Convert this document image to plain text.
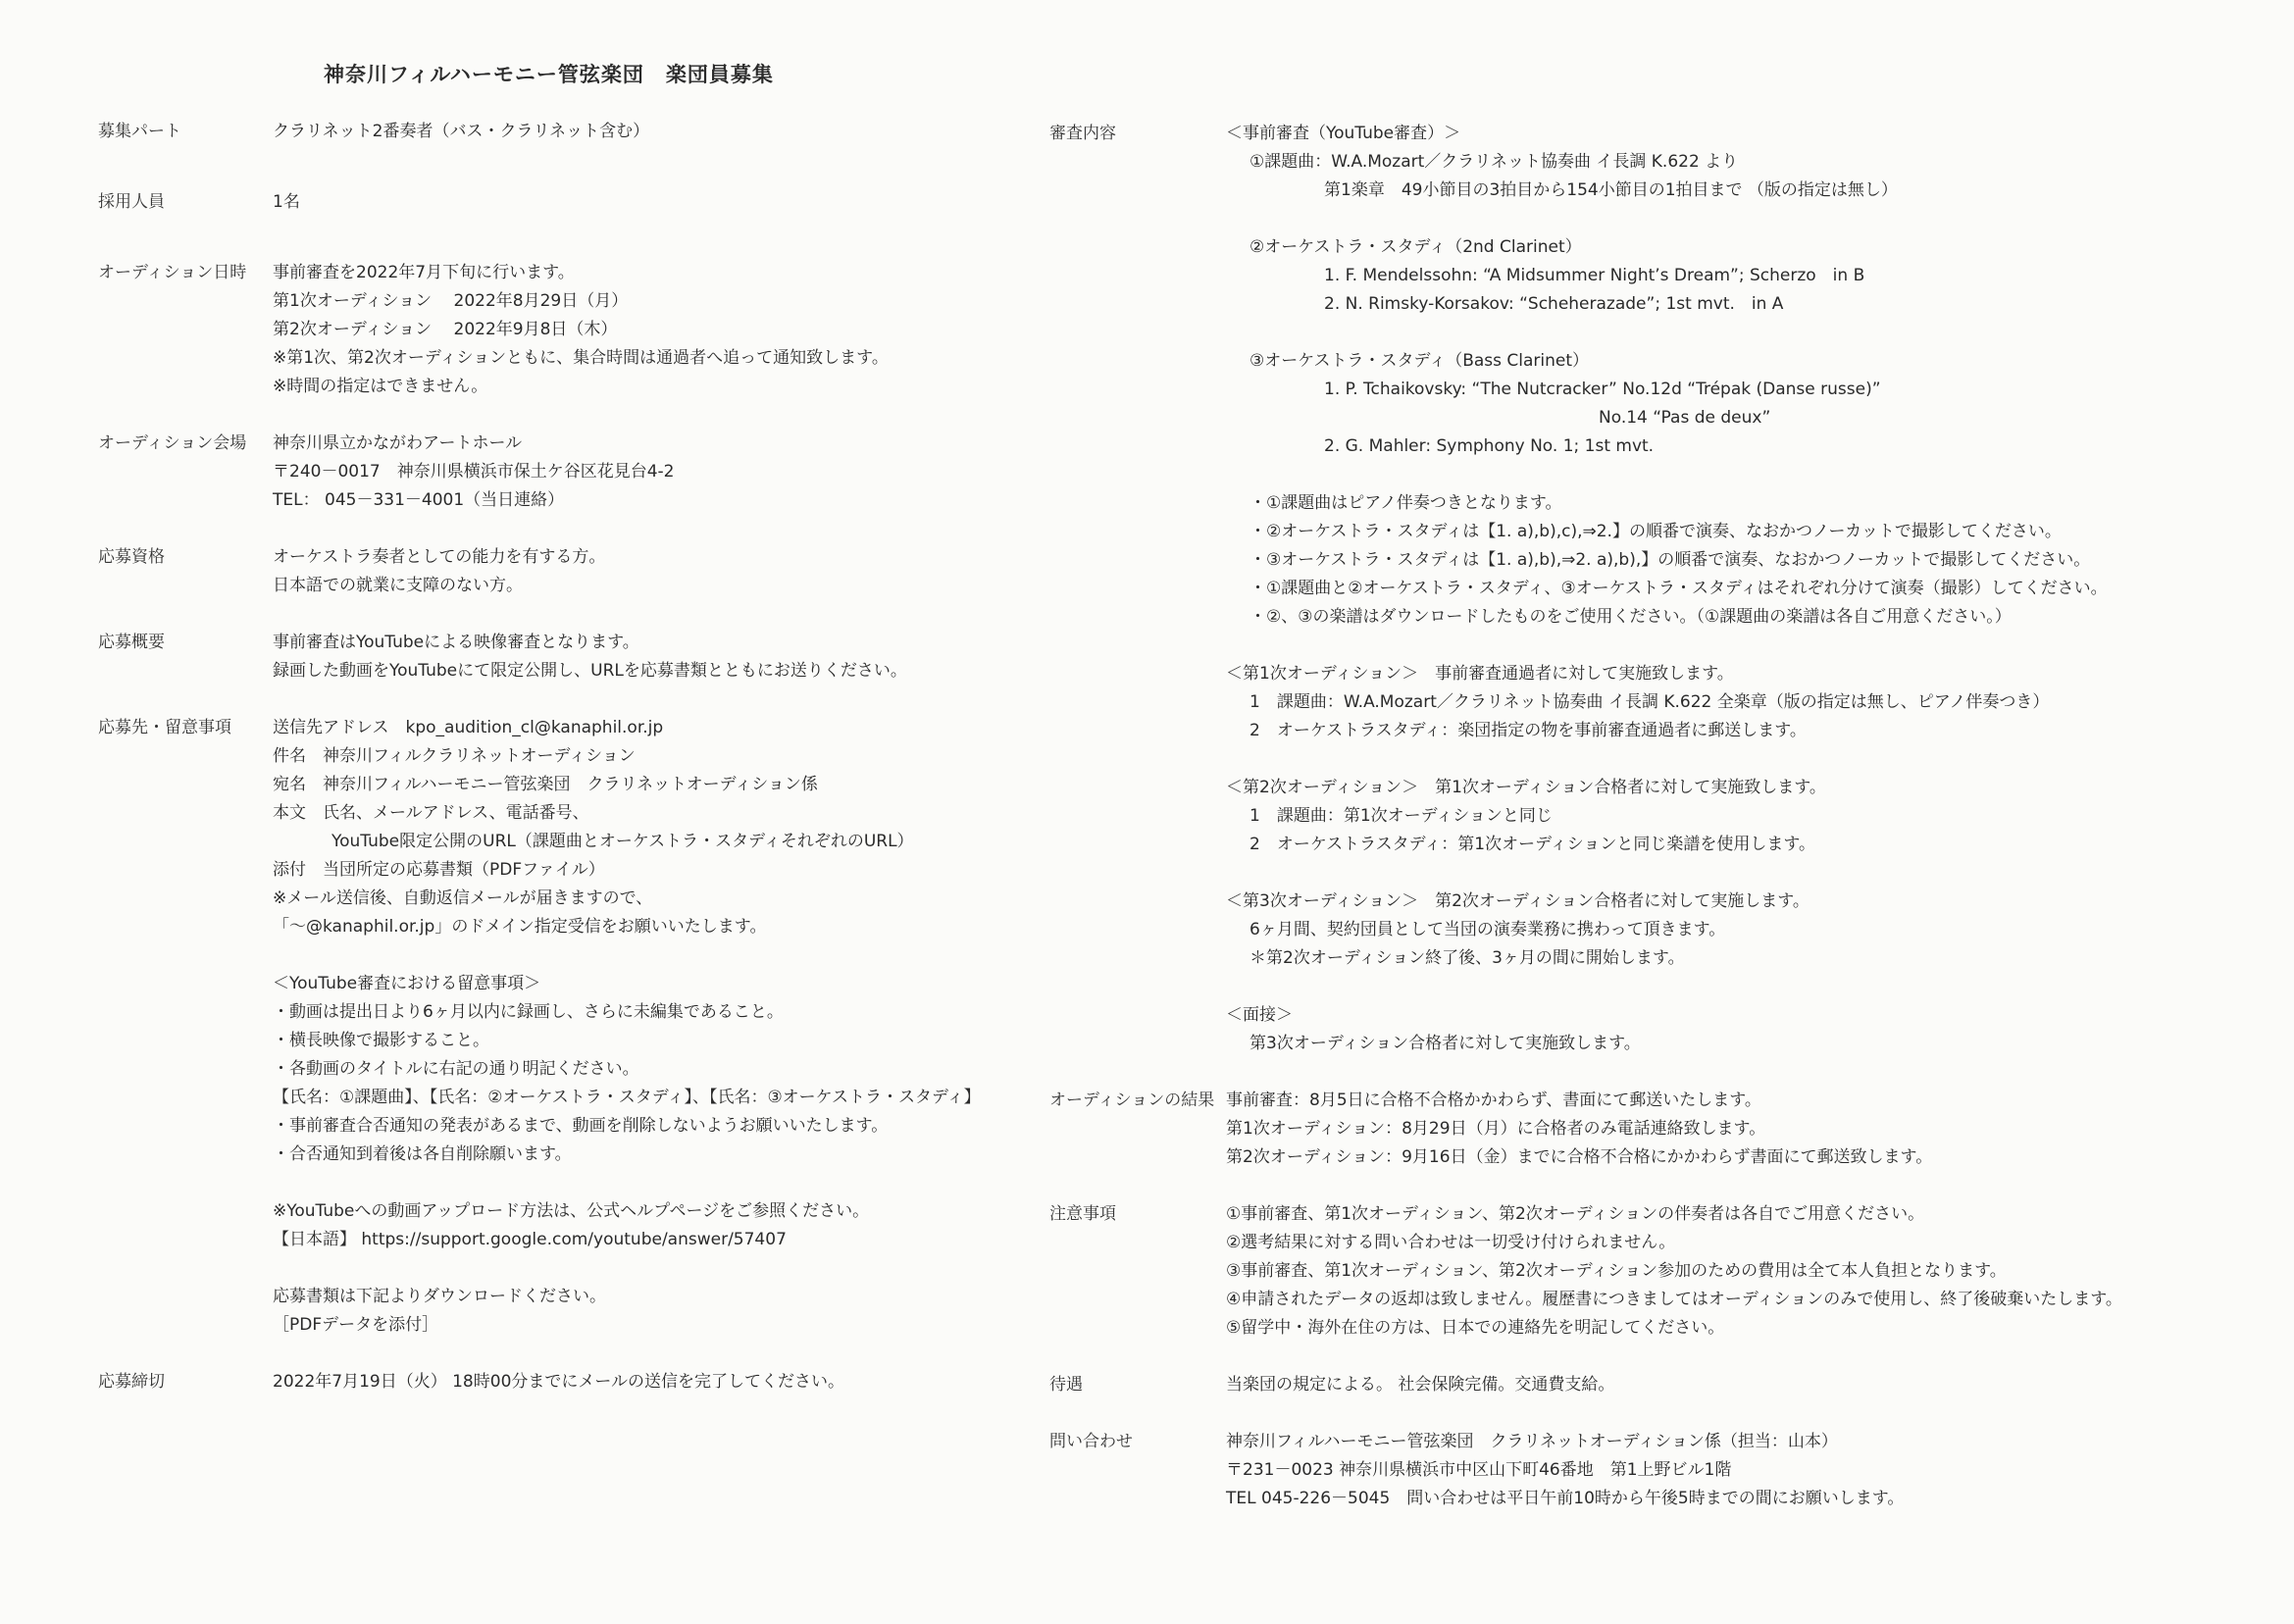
神奈川フィルハーモニー管弦楽団　楽団員募集
募集パート	クラリネット2番奏者（バス・クラリネット含む）
採用人員	1名
オーディション日時	事前審査を2022年7月下旬に行います。
第1次オーディション　 2022年8月29日（月）
第2次オーディション　 2022年9月8日（木）
※第1次、第2次オーディションともに、集合時間は通過者へ追って通知致します。
※時間の指定はできません。
オーディション会場	神奈川県立かながわアートホール
〒240－0017　神奈川県横浜市保土ケ谷区花見台4-2
TEL： 045－331－4001（当日連絡）
応募資格	オーケストラ奏者としての能力を有する方。
日本語での就業に支障のない方。
応募概要	事前審査はYouTubeによる映像審査となります。
録画した動画をYouTubeにて限定公開し、URLを応募書類とともにお送りください。
応募先・留意事項	送信先アドレス　kpo_audition_cl@kanaphil.or.jp
件名　神奈川フィルクラリネットオーディション
宛名　神奈川フィルハーモニー管弦楽団　クラリネットオーディション係
本文　氏名、メールアドレス、電話番号、
YouTube限定公開のURL（課題曲とオーケストラ・スタディそれぞれのURL）
添付　当団所定の応募書類（PDFファイル）
※メール送信後、自動返信メールが届きますので、
「～@kanaphil.or.jp」のドメイン指定受信をお願いいたします。
＜YouTube審査における留意事項＞
・動画は提出日より6ヶ月以内に録画し、さらに未編集であること。
・横長映像で撮影すること。
・各動画のタイトルに右記の通り明記ください。
【氏名：①課題曲】、【氏名：②オーケストラ・スタディ】、【氏名：③オーケストラ・スタディ】
・事前審査合否通知の発表があるまで、動画を削除しないようお願いいたします。
・合否通知到着後は各自削除願います。
※YouTubeへの動画アップロード方法は、公式ヘルプページをご参照ください。
【日本語】 https://support.google.com/youtube/answer/57407
応募書類は下記よりダウンロードください。
［PDFデータを添付］
応募締切	2022年7月19日（火） 18時00分までにメールの送信を完了してください。
審査内容	＜事前審査（YouTube審査）＞
①課題曲：W.A.Mozart／クラリネット協奏曲 イ長調 K.622 より
第1楽章　49小節目の3拍目から154小節目の1拍目まで （版の指定は無し）
②オーケストラ・スタディ（2nd Clarinet）
1. F. Mendelssohn: “A Midsummer Night’s Dream”; Scherzo　in B
2. N. Rimsky-Korsakov: “Scheherazade”; 1st mvt.　in A
③オーケストラ・スタディ（Bass Clarinet）
1. P. Tchaikovsky: “The Nutcracker” No.12d “Trépak (Danse russe)”
No.14 “Pas de deux”
2. G. Mahler: Symphony No. 1; 1st mvt.
・①課題曲はピアノ伴奏つきとなります。
・②オーケストラ・スタディは【1. a),b),c),⇒2.】の順番で演奏、なおかつノーカットで撮影してください。
・③オーケストラ・スタディは【1. a),b),⇒2. a),b),】の順番で演奏、なおかつノーカットで撮影してください。
・①課題曲と②オーケストラ・スタディ、③オーケストラ・スタディはそれぞれ分けて演奏（撮影）してください。
・②、③の楽譜はダウンロードしたものをご使用ください。（①課題曲の楽譜は各自ご用意ください。）
＜第1次オーディション＞　事前審査通過者に対して実施致します。
1　課題曲：W.A.Mozart／クラリネット協奏曲 イ長調 K.622 全楽章（版の指定は無し、ピアノ伴奏つき）
2　オーケストラスタディ：楽団指定の物を事前審査通過者に郵送します。
＜第2次オーディション＞　第1次オーディション合格者に対して実施致します。
1　課題曲：第1次オーディションと同じ
2　オーケストラスタディ：第1次オーディションと同じ楽譜を使用します。
＜第3次オーディション＞　第2次オーディション合格者に対して実施します。
6ヶ月間、契約団員として当団の演奏業務に携わって頂きます。
＊第2次オーディション終了後、3ヶ月の間に開始します。
＜面接＞
第3次オーディション合格者に対して実施致します。
オーディションの結果 事前審査：8月5日に合格不合格かかわらず、書面にて郵送いたします。
第1次オーディション：8月29日（月）に合格者のみ電話連絡致します。
第2次オーディション：9月16日（金）までに合格不合格にかかわらず書面にて郵送致します。
注意事項	①事前審査、第1次オーディション、第2次オーディションの伴奏者は各自でご用意ください。
②選考結果に対する問い合わせは一切受け付けられません。
③事前審査、第1次オーディション、第2次オーディション参加のための費用は全て本人負担となります。
④申請されたデータの返却は致しません。履歴書につきましてはオーディションのみで使用し、終了後破棄いたします。
⑤留学中・海外在住の方は、日本での連絡先を明記してください。
待遇	当楽団の規定による。 社会保険完備。交通費支給。
問い合わせ	神奈川フィルハーモニー管弦楽団　クラリネットオーディション係（担当：山本）
〒231－0023 神奈川県横浜市中区山下町46番地　第1上野ビル1階
TEL 045-226－5045　問い合わせは平日午前10時から午後5時までの間にお願いします。
